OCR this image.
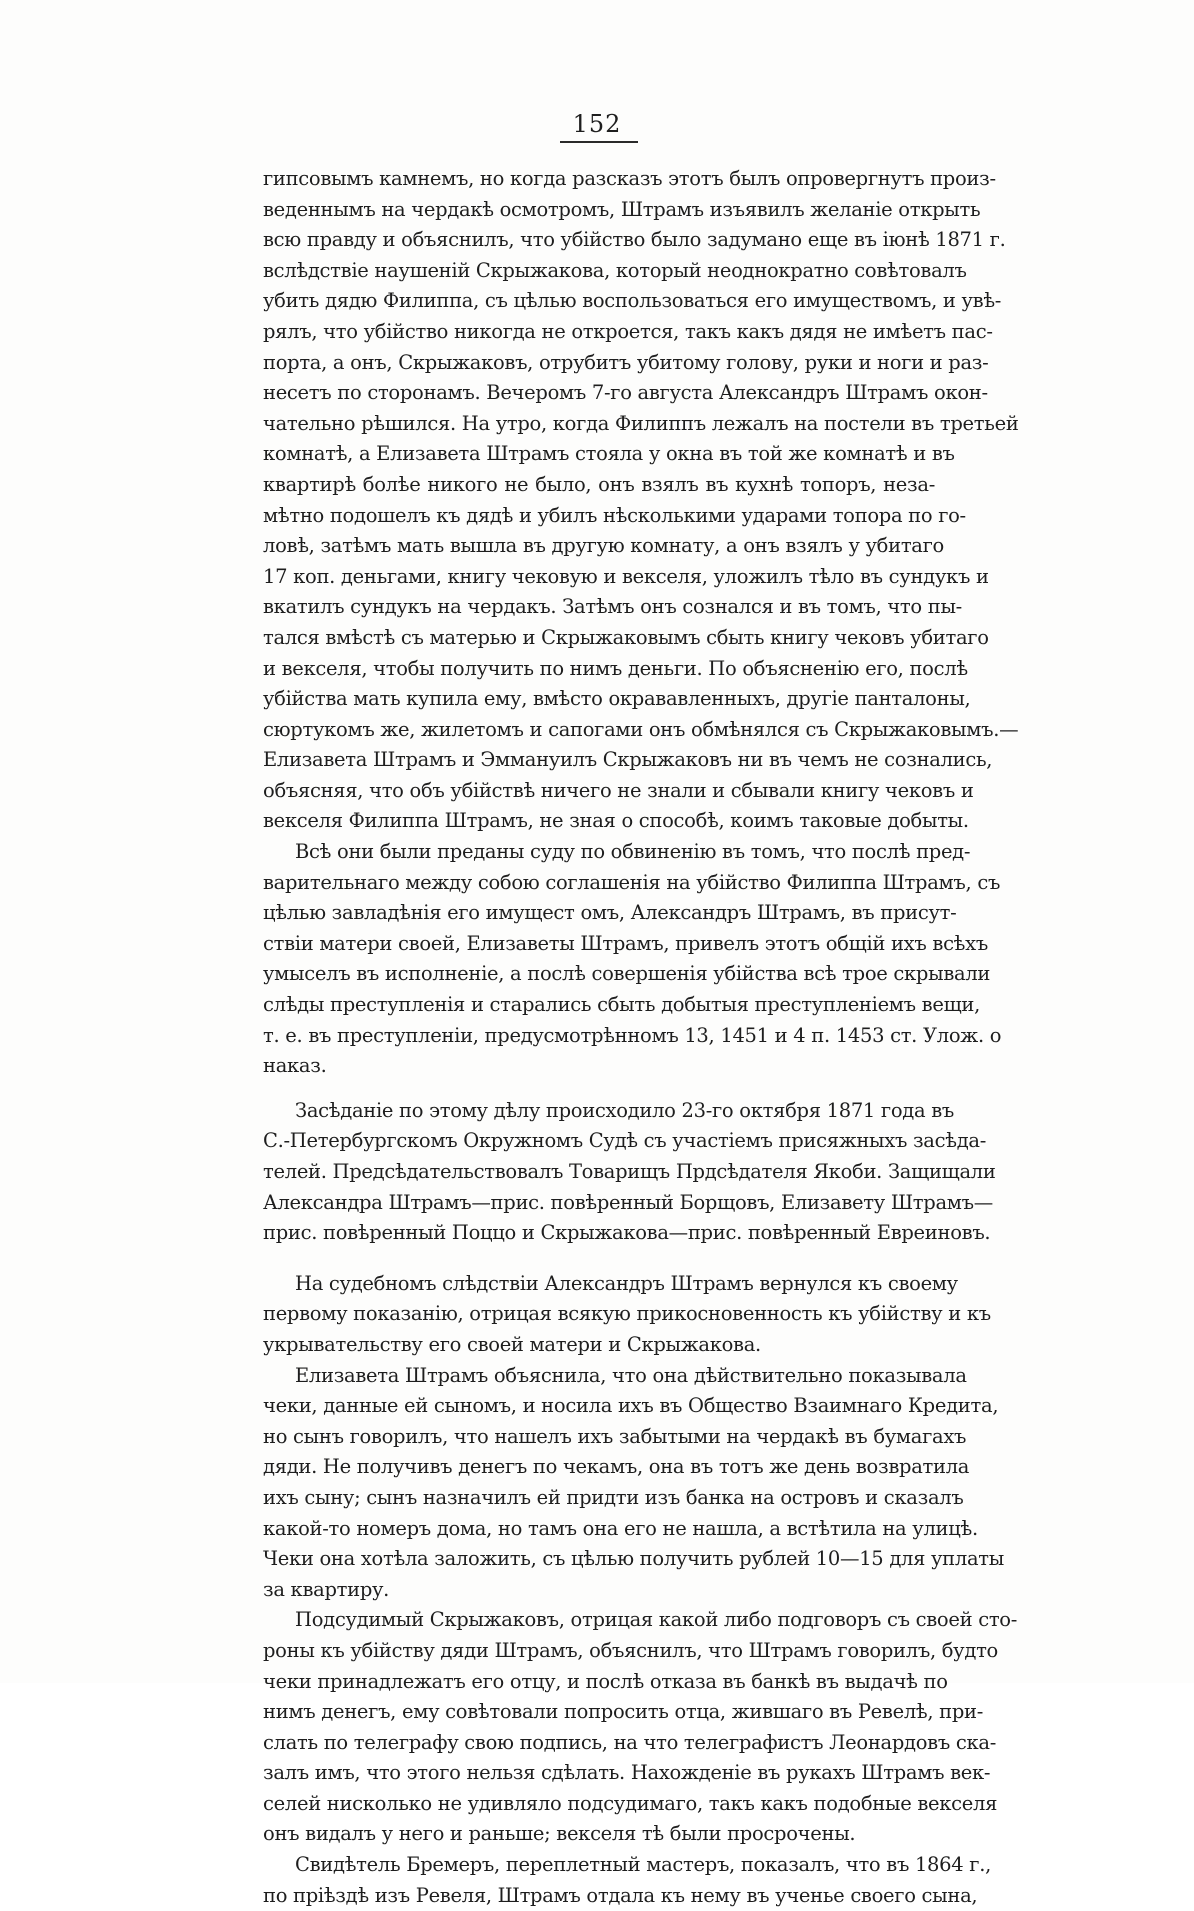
152
гипсовымъ камнемъ, но когда разсказъ этотъ былъ опровергнутъ произ-
веденнымъ на чердакѣ осмотромъ, Штрамъ изъявилъ желаніе открыть
всю правду и объяснилъ, что убійство было задумано еще въ іюнѣ 1871 г.
вслѣдствіе наушеній Скрыжакова, который неоднократно совѣтовалъ
убить дядю Филиппа, съ цѣлью воспользоваться его имуществомъ, и увѣ-
рялъ, что убійство никогда не откроется, такъ какъ дядя не имѣетъ пас-
порта, а онъ, Скрыжаковъ, отрубитъ убитому голову, руки и ноги и раз-
несетъ по сторонамъ. Вечеромъ 7-го августа Александръ Штрамъ окон-
чательно рѣшился. На утро, когда Филиппъ лежалъ на постели въ третьей
комнатѣ, а Елизавета Штрамъ стояла у окна въ той же комнатѣ и въ
квартирѣ болѣе никого не было, онъ взялъ въ кухнѣ топоръ, неза-
мѣтно подошелъ къ дядѣ и убилъ нѣсколькими ударами топора по го-
ловѣ, затѣмъ мать вышла въ другую комнату, а онъ взялъ у убитаго
17 коп. деньгами, книгу чековую и векселя, уложилъ тѣло въ сундукъ и
вкатилъ сундукъ на чердакъ. Затѣмъ онъ сознался и въ томъ, что пы-
тался вмѣстѣ съ матерью и Скрыжаковымъ сбыть книгу чековъ убитаго
и векселя, чтобы получить по нимъ деньги. По объясненію его, послѣ
убійства мать купила ему, вмѣсто окрававленныхъ, другіе панталоны,
сюртукомъ же, жилетомъ и сапогами онъ обмѣнялся съ Скрыжаковымъ.—
Елизавета Штрамъ и Эммануилъ Скрыжаковъ ни въ чемъ не сознались,
объясняя, что объ убійствѣ ничего не знали и сбывали книгу чековъ и
векселя Филиппа Штрамъ, не зная о способѣ, коимъ таковые добыты.
Всѣ они были преданы суду по обвиненію въ томъ, что послѣ пред-
варительнаго между собою соглашенія на убійство Филиппа Штрамъ, съ
цѣлью завладѣнія его имущест омъ, Александръ Штрамъ, въ присут-
ствіи матери своей, Елизаветы Штрамъ, привелъ этотъ общій ихъ всѣхъ
умыселъ въ исполненіе, а послѣ совершенія убійства всѣ трое скрывали
слѣды преступленія и старались сбыть добытыя преступленіемъ вещи,
т. е. въ преступленіи, предусмотрѣнномъ 13, 1451 и 4 п. 1453 ст. Улож. о
наказ.
Засѣданіе по этому дѣлу происходило 23-го октября 1871 года въ
С.-Петербургскомъ Окружномъ Судѣ съ участіемъ присяжныхъ засѣда-
телей. Предсѣдательствовалъ Товарищъ Прдсѣдателя Якоби. Защищали
Александра Штрамъ—прис. повѣренный Борщовъ, Елизавету Штрамъ—
прис. повѣренный Поццо и Скрыжакова—прис. повѣренный Евреиновъ.
На судебномъ слѣдствіи Александръ Штрамъ вернулся къ своему
первому показанію, отрицая всякую прикосновенность къ убійству и къ
укрывательству его своей матери и Скрыжакова.
Елизавета Штрамъ объяснила, что она дѣйствительно показывала
чеки, данные ей сыномъ, и носила ихъ въ Общество Взаимнаго Кредита,
но сынъ говорилъ, что нашелъ ихъ забытыми на чердакѣ въ бумагахъ
дяди. Не получивъ денегъ по чекамъ, она въ тотъ же день возвратила
ихъ сыну; сынъ назначилъ ей придти изъ банка на островъ и сказалъ
какой-то номеръ дома, но тамъ она его не нашла, а встѣтила на улицѣ.
Чеки она хотѣла заложить, съ цѣлью получить рублей 10—15 для уплаты
за квартиру.
Подсудимый Скрыжаковъ, отрицая какой либо подговоръ съ своей сто-
роны къ убійству дяди Штрамъ, объяснилъ, что Штрамъ говорилъ, будто
чеки принадлежатъ его отцу, и послѣ отказа въ банкѣ въ выдачѣ по
нимъ денегъ, ему совѣтовали попросить отца, жившаго въ Ревелѣ, при-
слать по телеграфу свою подпись, на что телеграфистъ Леонардовъ ска-
залъ имъ, что этого нельзя сдѣлать. Нахожденіе въ рукахъ Штрамъ век-
селей нисколько не удивляло подсудимаго, такъ какъ подобные векселя
онъ видалъ у него и раньше; векселя тѣ были просрочены.
Свидѣтель Бремеръ, переплетный мастеръ, показалъ, что въ 1864 г.,
по пріѣздѣ изъ Ревеля, Штрамъ отдала къ нему въ ученье своего сына,
